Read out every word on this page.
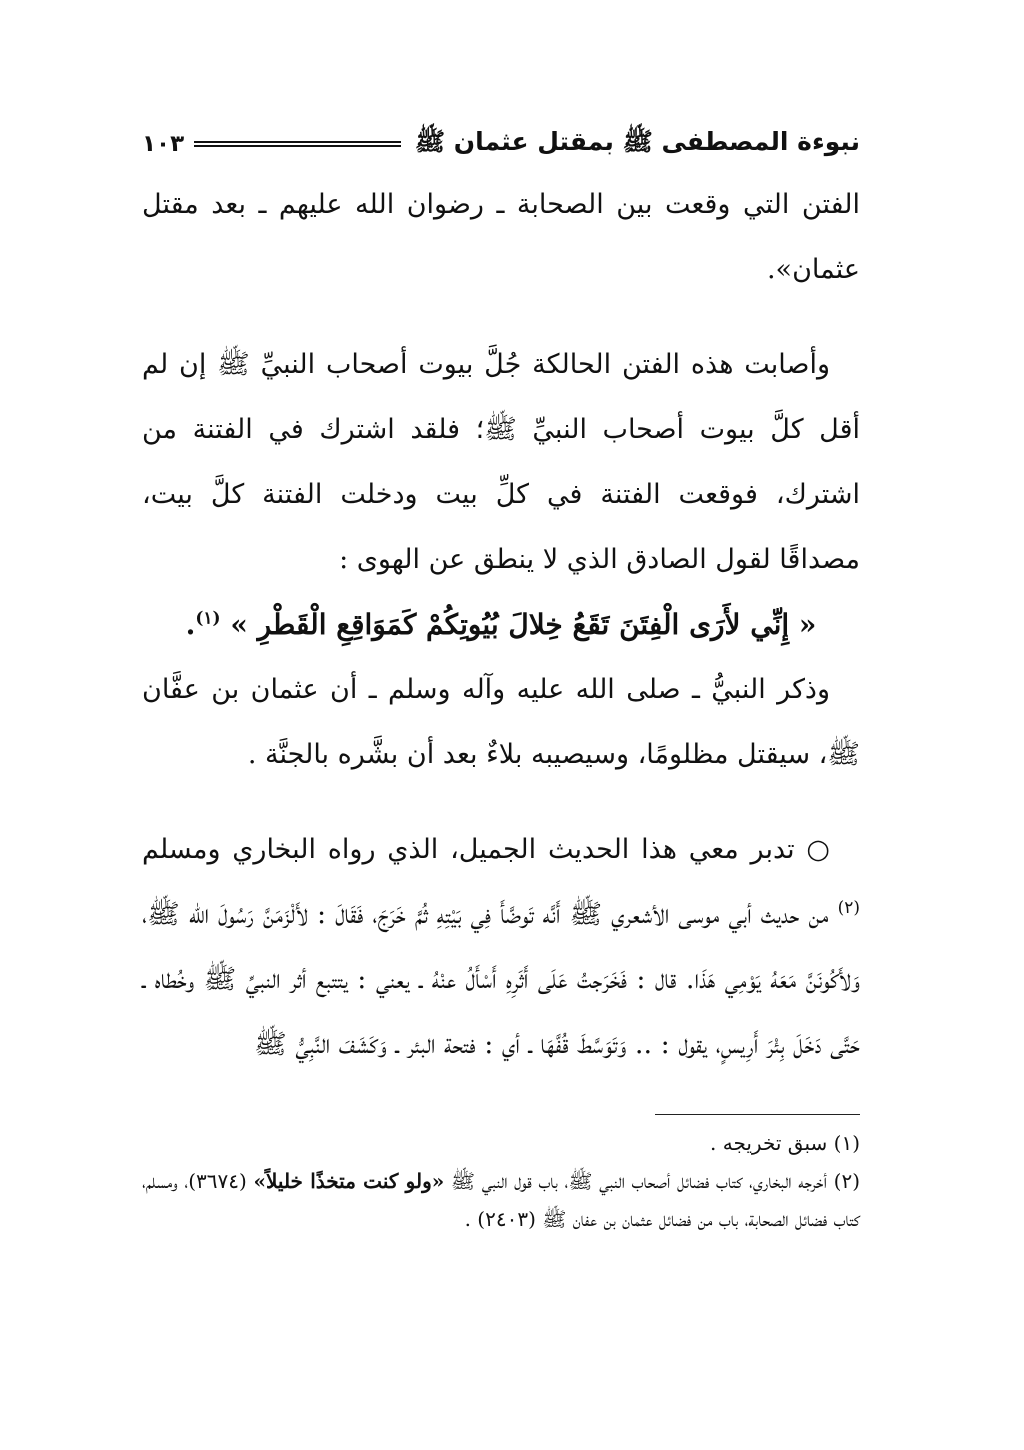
نبوءة المصطفى ﷺ بمقتل عثمان ﷺ
١٠٣

الفتن التي وقعت بين الصحابة ـ رضوان الله عليهم ـ بعد مقتل عثمان».

وأصابت هذه الفتن الحالكة جُلَّ بيوت أصحاب النبيِّ ﷺ إن لم أقل كلَّ بيوت أصحاب النبيِّ ﷺ؛ فلقد اشترك في الفتنة من اشترك، فوقعت الفتنة في كلِّ بيت ودخلت الفتنة كلَّ بيت، مصداقًا لقول الصادق الذي لا ينطق عن الهوى :

« إِنِّي لأَرَى الْفِتَنَ تَقَعُ خِلالَ بُيُوتِكُمْ كَمَوَاقِعِ الْقَطْرِ » $^{(١)}$.

وذكر النبيُّ ـ صلى الله عليه وآله وسلم ـ أن عثمان بن عفَّان ﷺ، سيقتل مظلومًا، وسيصيبه بلاءٌ بعد أن بشَّره بالجنَّة .

○ تدبر معي هذا الحديث الجميل، الذي رواه البخاري ومسلم $^{(٢)}$ من حديث أبي موسى الأشعري ﷺ أَنَّه تَوضَّأَ فِي بَيْتِهِ ثُمَّ خَرَجَ، فَقَالَ : لأَلْزَمَنَّ رَسُولَ الله ﷺ، وَلأَكُونَنَّ مَعَهُ يَوْمِي هَذَا. قال : فَخَرَجتُ عَلَى أَثَرِهِ أَسْأَلُ عنْهُ ـ يعني : يتتبع أثر النبيِّ ﷺ وخُطاه ـ حَتَّى دَخَلَ بِئْرَ أَرِيسٍ، يقول : .. وَتَوَسَّطَ قُفَّهَا ـ أي : فتحة البئر ـ وَكَشَفَ النَّبِيُّ ﷺ

(١) سبق تخريجه .

(٢) أخرجه البخاري، كتاب فضائل أصحاب النبي ﷺ، باب قول النبي ﷺ «ولو كنت متخذًا خليلاً» (٣٦٧٤)، ومسلم، كتاب فضائل الصحابة، باب من فضائل عثمان بن عفان ﷺ (٢٤٠٣) .
